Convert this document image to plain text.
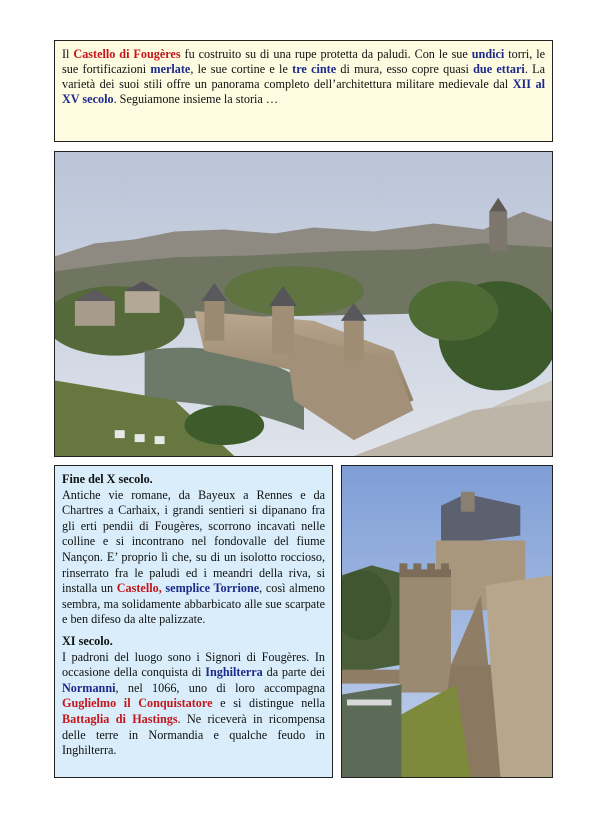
Il Castello di Fougères fu costruito su di una rupe protetta da paludi. Con le sue undici torri, le sue fortificazioni merlate, le sue cortine e le tre cinte di mura, esso copre quasi due ettari. La varietà dei suoi stili offre un panorama completo dell’architettura militare medievale dal XII al XV secolo. Seguiamone insieme la storia …
Fine del X secolo.

Antiche vie romane, da Bayeux a Rennes e da Chartres a Carhaix, i grandi sentieri si dipanano fra gli erti pendii di Fougères, scorrono incavati nelle colline e si incontrano nel fondovalle del fiume Nançon. E’ proprio lì che, su di un isolotto roccioso, rinserrato fra le paludi ed i meandri della riva, si installa un Castello, semplice Torrione, così almeno sembra, ma solidamente abbarbicato alle sue scarpate e ben difeso da alte palizzate.

XI secolo.

I padroni del luogo sono i Signori di Fougères. In occasione della conquista di Inghilterra da parte dei Normanni, nel 1066, uno di loro accompagna Guglielmo il Conquistatore e si distingue nella Battaglia di Hastings. Ne riceverà in ricompensa delle terre in Normandia e qualche feudo in Inghilterra.
